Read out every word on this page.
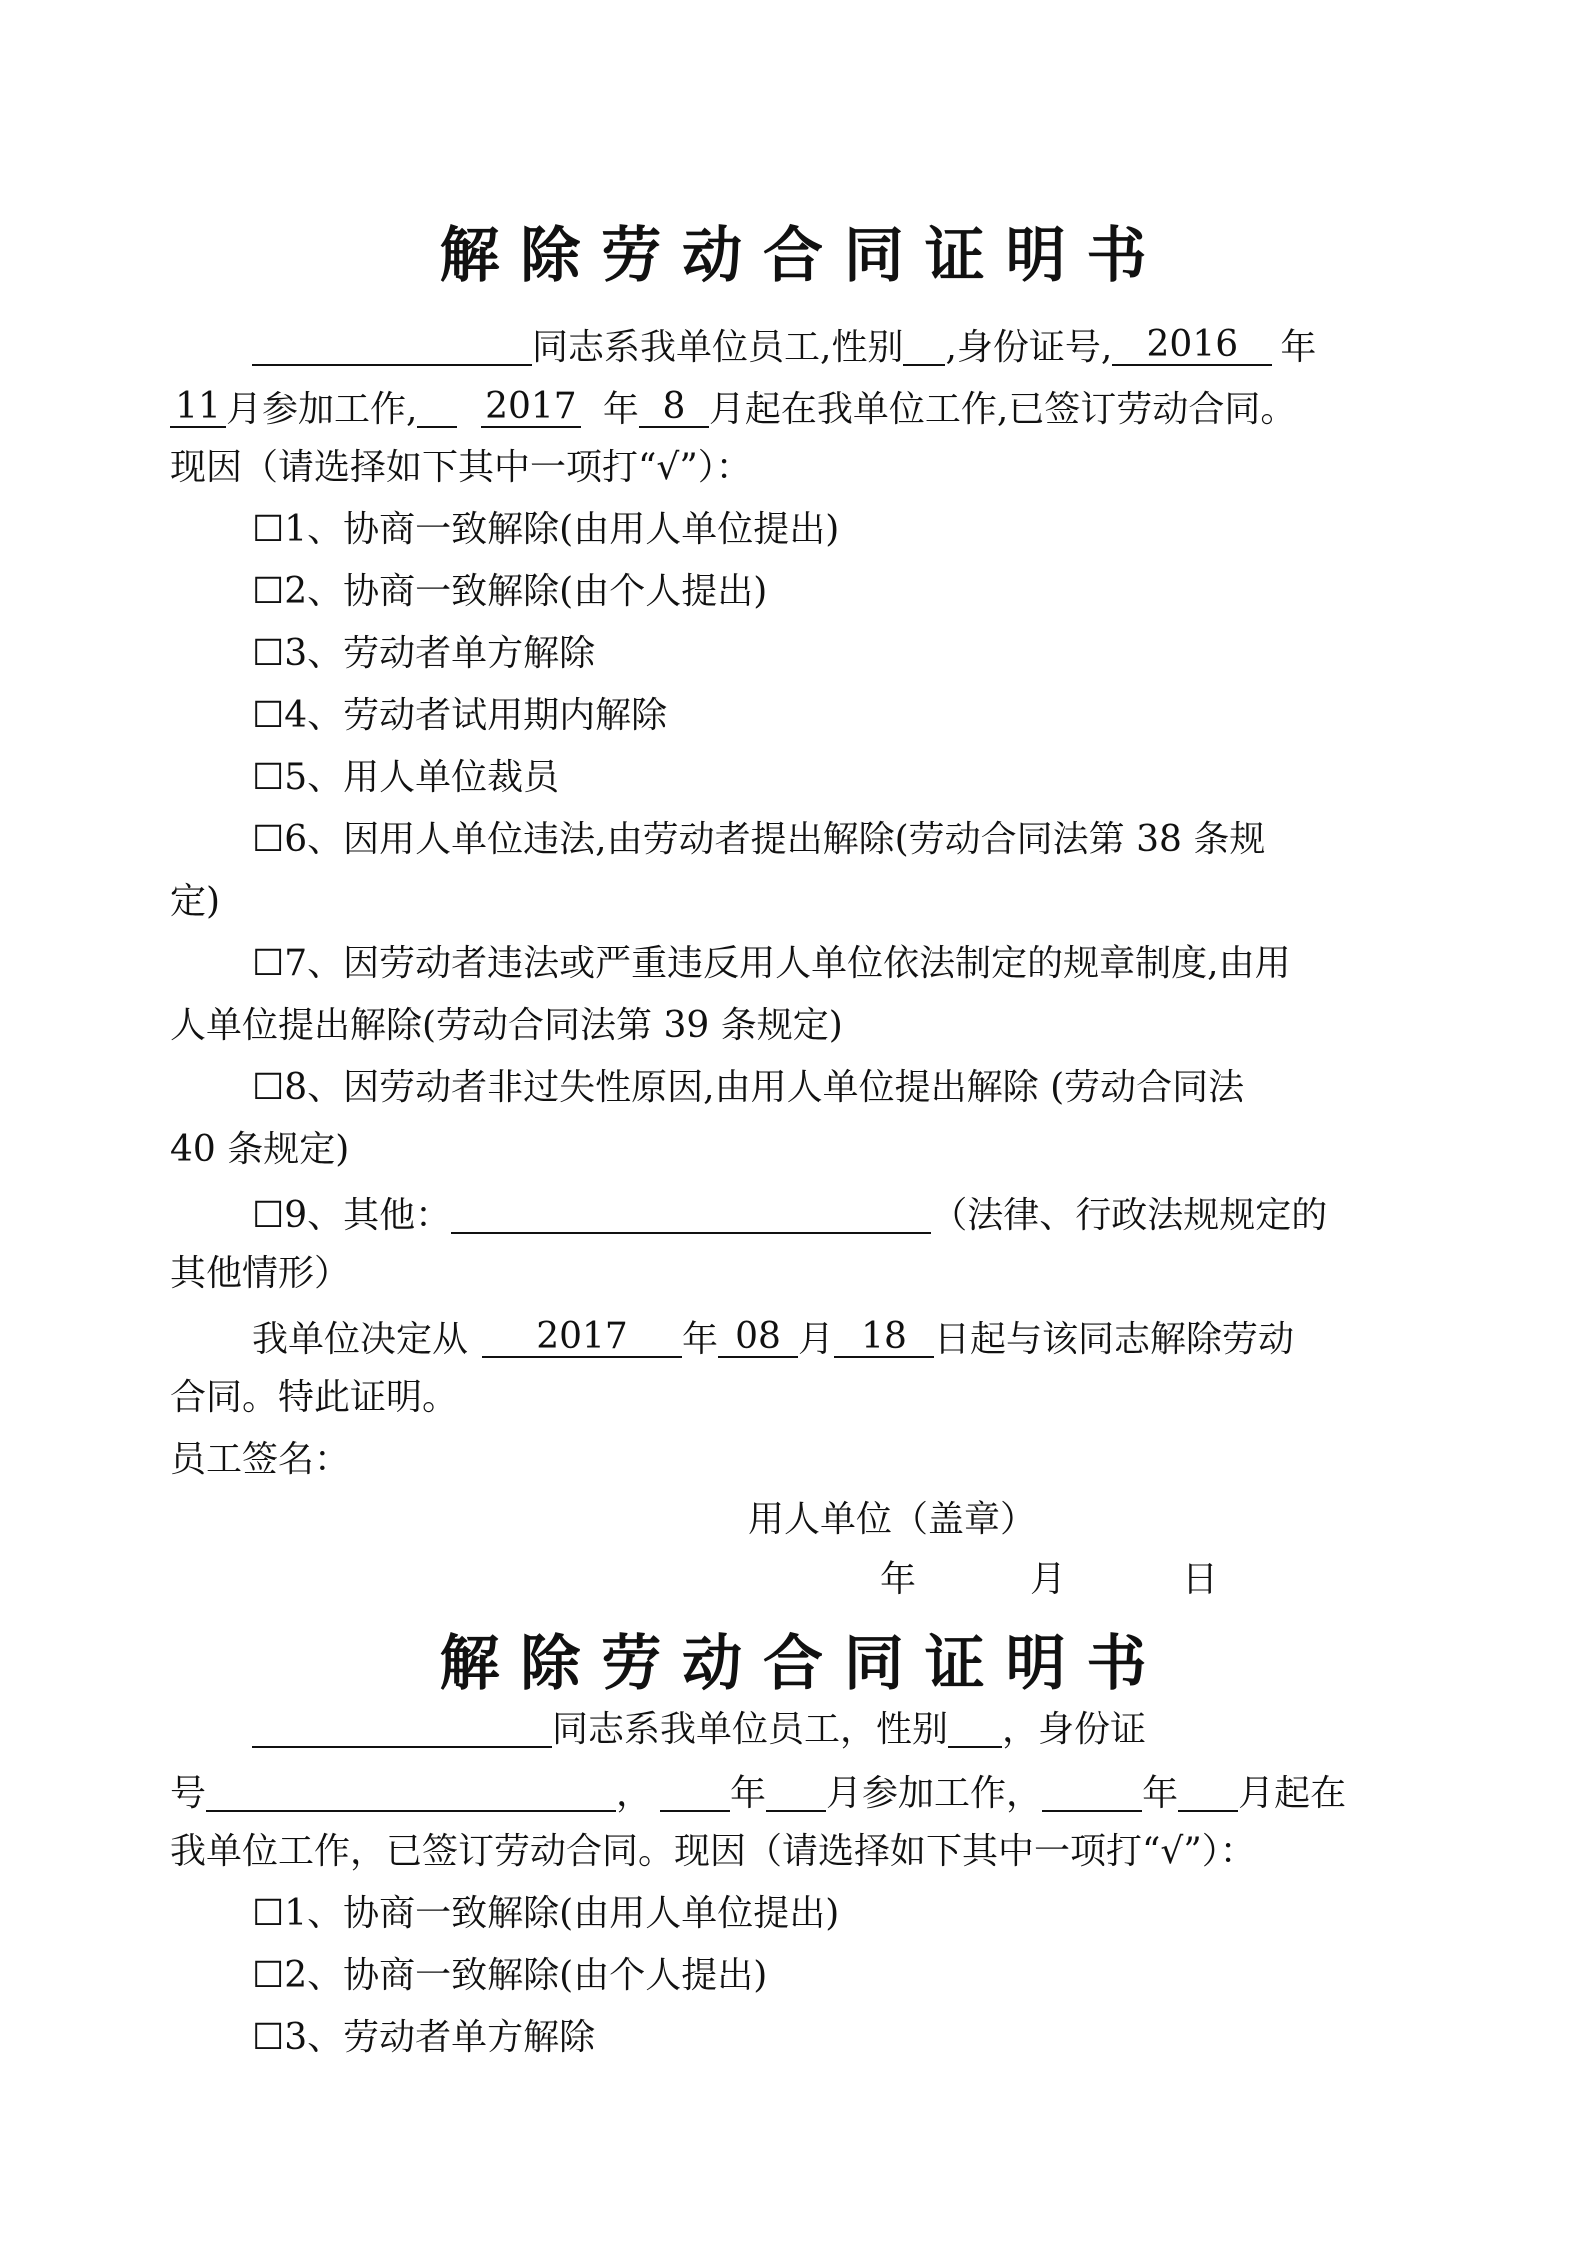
解 除 劳 动 合 同 证 明 书
同志系我单位员工,性别 ,身份证号, 2016 年
11 月参加工作, 2017 年 8 月起在我单位工作,已签订劳动合同。
现因（请选择如下其中一项打“√”）：
☐1、协商一致解除(由用人单位提出)
☐2、协商一致解除(由个人提出)
☐3、劳动者单方解除
☐4、劳动者试用期内解除
☐5、用人单位裁员
☐6、因用人单位违法,由劳动者提出解除(劳动合同法第 38 条规
定)
☐7、因劳动者违法或严重违反用人单位依法制定的规章制度,由用
人单位提出解除(劳动合同法第 39 条规定)
☐8、因劳动者非过失性原因,由用人单位提出解除 (劳动合同法
40 条规定)
☐9、其他：	（法律、行政法规规定的
其他情形）
我单位决定从 2017 年 08 月 18 日起与该同志解除劳动
合同。特此证明。
员工签名：
用人单位（盖章）
年	月	日
解 除 劳 动 合 同 证 明 书
同志系我单位员工，性别 ，身份证
号	， 年 月参加工作，	年 月起在
我单位工作，已签订劳动合同。现因（请选择如下其中一项打“√”）：
☐1、协商一致解除(由用人单位提出)
☐2、协商一致解除(由个人提出)
☐3、劳动者单方解除
